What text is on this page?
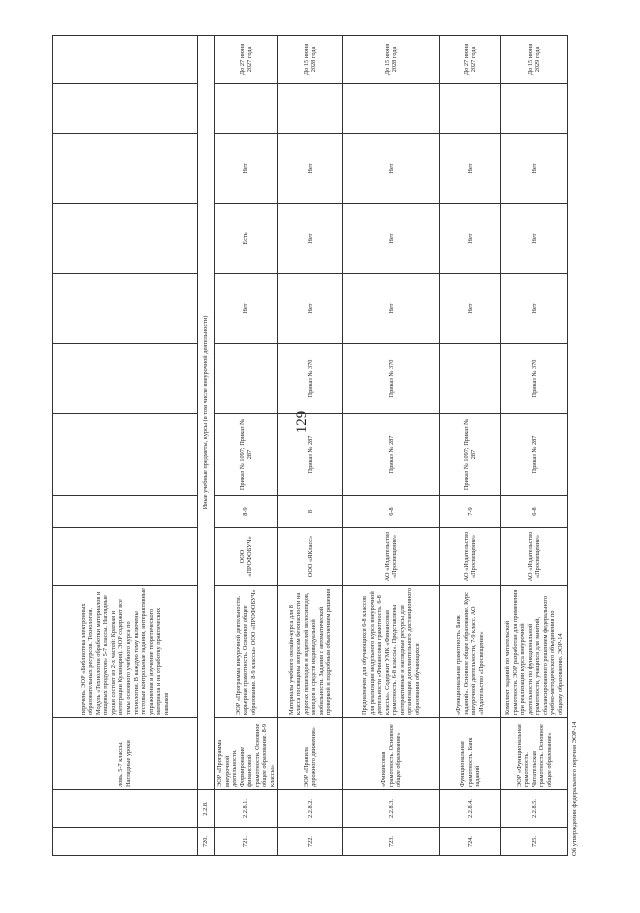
129
		ловь. 5-7 классы. Наглядные уроки	перечень. ЭОР «Библиотека электронных образовательных ресурсов. Технология. Модуль «Технологии обработки материалов и пищевых продуктов» 5-7 классы. Наглядные уроки состоят из 2-х частей: Краткая и интеграции Кулинария). ЭОР содержит все темы основного учебного курса по технологии. В каждую тему включены тестовые контрольные задания, интерактивные упражнения и изучение теоретического материала и на отработку практических навыков									
720.	2.2.8.	Иные учебные предметы, курсы (в том числе внеурочной деятельности)										
721.	2.2.8.1.	ЭОР «Программа внеурочной деятельности. Формирование финансовой грамотности. Основное общее образование. 8-9 классы»	ЭОР «Программа внеурочной деятельности. карьерная грамотность. Основное общее образование. 8-9 классы» ООО «ПРОФОБУЧ»	ООО «ПРОФОБУЧ»	8-9	Приказ № 1097; Приказ № 287		Нет	Есть	Нет		До 27 июня 2027 года
722.	2.2.8.2.	ЭОР «Правила дорожного движения»	Материалы учебного онлайн-курса для 8 класса посвящены вопросам безопасности на дорогах пешеходов и водителей велосипедов, мопедов и средств индивидуальной мобильности. Задания с автоматической проверкой и подробным объяснением решения	ООО «ЯКласс»	8	Приказ № 287	Приказ № 370	Нет	Нет	Нет		До 15 июня 2028 года
723.	2.2.8.3.	«Финансовая грамотность. Основное общее образование»	Предназначен для обучающихся 6-8 классов для реализации модульного курса внеурочной деятельности «Финансовая грамотность. 6-8 классы». Содержит УМК «Финансовая грамотность. 6-8 классы». Представлены интерактивные и наглядные ресурсы для организации дополнительного дистанционного образования обучающихся	АО «Издательство «Просвещение»	6-8	Приказ № 287	Приказ № 370	Нет	Нет	Нет		До 15 июня 2028 года
724.	2.2.8.4.	Функциональная грамотность. Банк заданий	«Функциональная грамотность. Банк заданий». Основное общее образование. Курс внеурочной деятельности, 7-9 класс. АО «Издательство «Просвещение»	АО «Издательство «Просвещение»	7-9	Приказ № 1097; Приказ № 287		Нет	Нет	Нет		До 27 июня 2027 года
725.	2.2.8.5.	ЭОР «Функциональная грамотность. Читательская грамотность. Основное общее образование»	Комплект заданий по читательской грамотности. ЭОР разработан для применения при реализации курса внеурочной деятельности по функциональной грамотности, учащихся для занятий, сбалансированного решением федерального учебно-методического объединения по общему образованию. ЭОР-14	АО «Издательство «Просвещение»	6-8	Приказ № 287	Приказ № 370	Нет	Нет	Нет		До 15 июня 2029 года
Об утверждении федерального перечня ЭОР-14
